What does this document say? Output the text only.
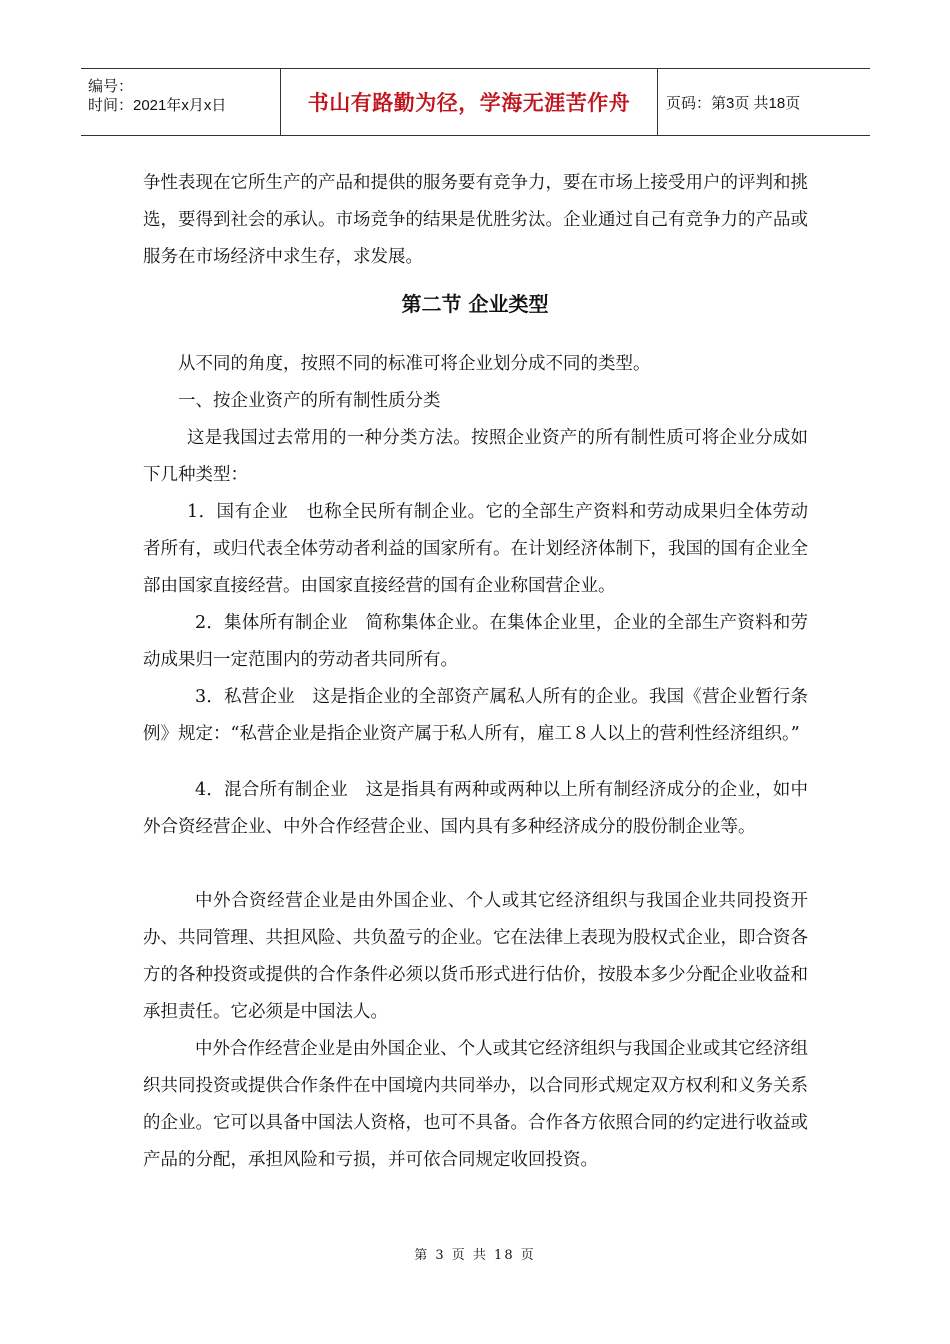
编号：
时间：2021年x月x日	书山有路勤为径，学海无涯苦作舟 页码：第3页 共18页
争性表现在它所生产的产品和提供的服务要有竞争力，要在市场上接受用户的评判和挑选，要得到社会的承认。市场竞争的结果是优胜劣汰。企业通过自己有竞争力的产品或服务在市场经济中求生存，求发展。
第二节 企业类型
从不同的角度，按照不同的标准可将企业划分成不同的类型。
一、按企业资产的所有制性质分类
这是我国过去常用的一种分类方法。按照企业资产的所有制性质可将企业分成如下几种类型：
1．国有企业　也称全民所有制企业。它的全部生产资料和劳动成果归全体劳动者所有，或归代表全体劳动者利益的国家所有。在计划经济体制下，我国的国有企业全部由国家直接经营。由国家直接经营的国有企业称国营企业。
2．集体所有制企业　简称集体企业。在集体企业里，企业的全部生产资料和劳动成果归一定范围内的劳动者共同所有。
3．私营企业　这是指企业的全部资产属私人所有的企业。我国《营企业暂行条例》规定：“私营企业是指企业资产属于私人所有，雇工８人以上的营利性经济组织。”
4．混合所有制企业　这是指具有两种或两种以上所有制经济成分的企业，如中外合资经营企业、中外合作经营企业、国内具有多种经济成分的股份制企业等。
中外合资经营企业是由外国企业、个人或其它经济组织与我国企业共同投资开办、共同管理、共担风险、共负盈亏的企业。它在法律上表现为股权式企业，即合资各方的各种投资或提供的合作条件必须以货币形式进行估价，按股本多少分配企业收益和承担责任。它必须是中国法人。
中外合作经营企业是由外国企业、个人或其它经济组织与我国企业或其它经济组织共同投资或提供合作条件在中国境内共同举办，以合同形式规定双方权利和义务关系的企业。它可以具备中国法人资格，也可不具备。合作各方依照合同的约定进行收益或产品的分配，承担风险和亏损，并可依合同规定收回投资。
第 3 页 共 18 页
